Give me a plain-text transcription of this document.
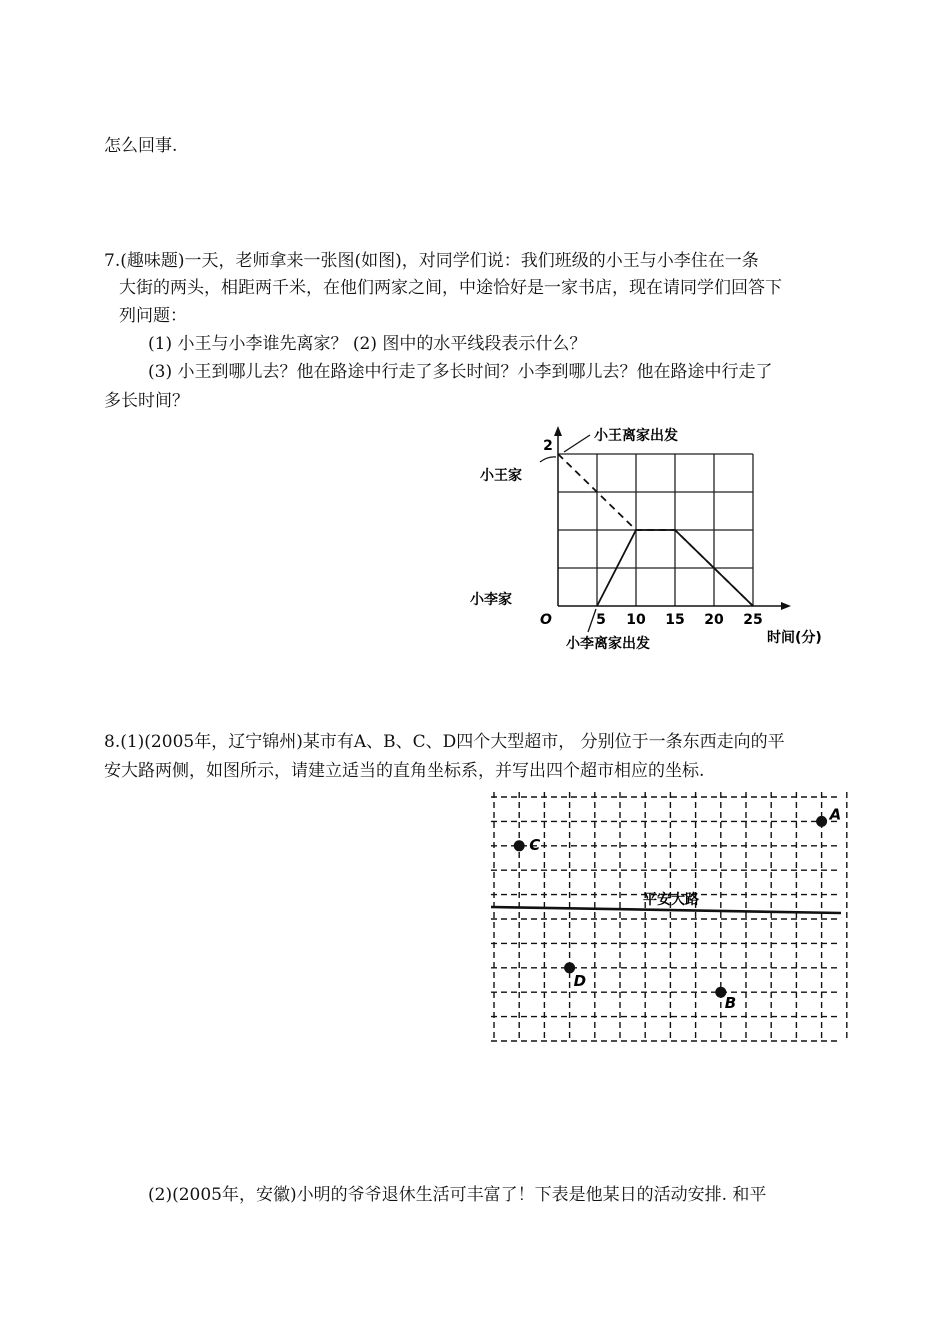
怎么回事.
7.(趣味题)一天，老师拿来一张图(如图)，对同学们说：我们班级的小王与小李住在一条
大街的两头，相距两千米，在他们两家之间，中途恰好是一家书店，现在请同学们回答下
列问题：
(1) 小王与小李谁先离家？ (2) 图中的水平线段表示什么？
(3) 小王到哪儿去？他在路途中行走了多长时间？小李到哪儿去？他在路途中行走了
多长时间？
O	5 10 15 20 25
2
时间(分)
小王家
小李家
小王离家出发
小李离家出发
8.(1)(2005年，辽宁锦州)某市有A、B、C、D四个大型超市， 分别位于一条东西走向的平
安大路两侧，如图所示，请建立适当的直角坐标系，并写出四个超市相应的坐标.
平安大路
A
C
D
B
(2)(2005年，安徽)小明的爷爷退休生活可丰富了！下表是他某日的活动安排. 和平
